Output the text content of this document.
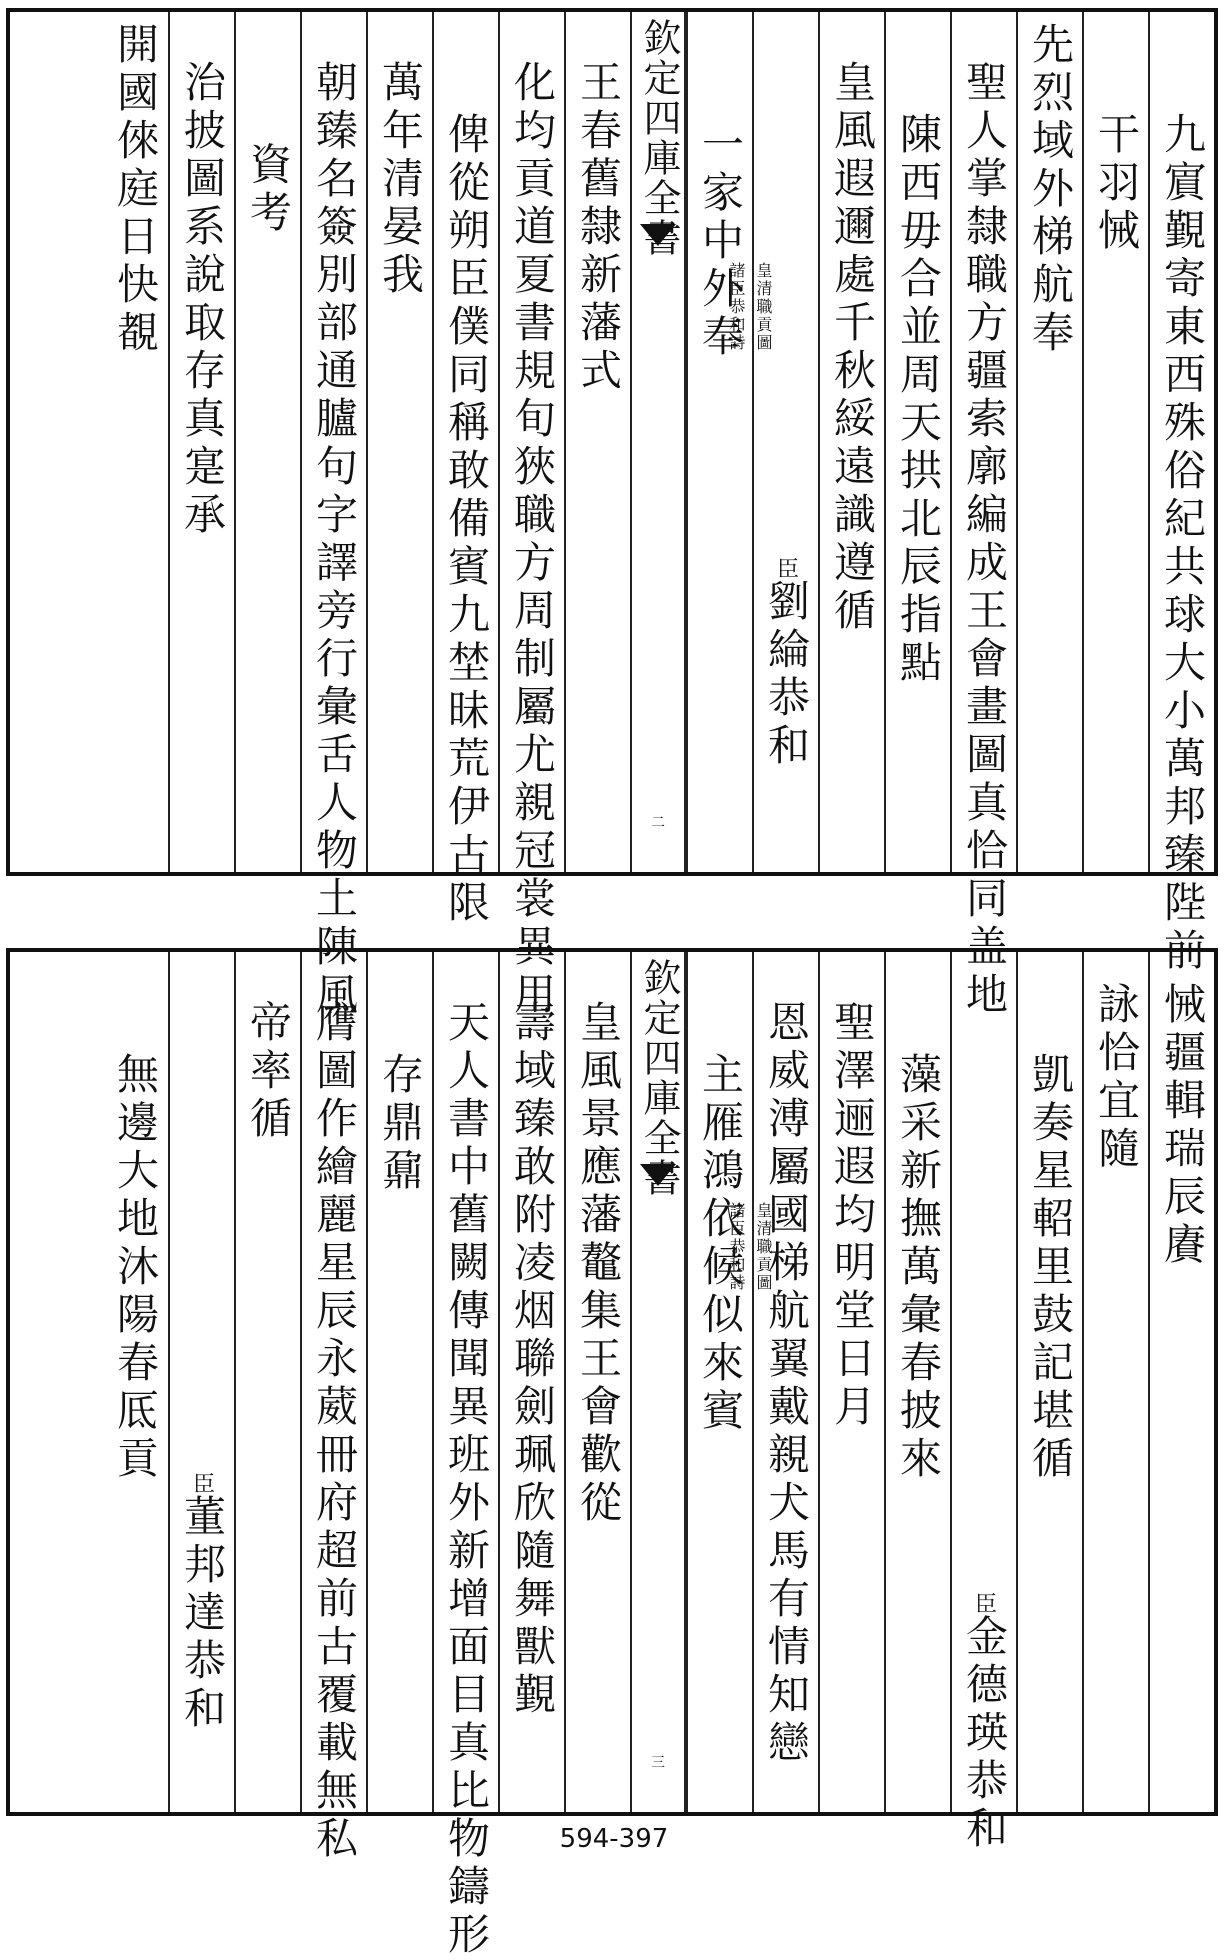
九賔覲寄東西殊俗紀共球大小萬邦臻陛前
干羽悈
先烈域外梯航奉
聖人掌隸職方疆索廓編成王會畫圖真恰同盖地
陳西毋合並周天拱北辰指點
皇風遐邇處千秋綏遠識遵循
臣
劉綸恭和
一家中外奉
欽定四庫全書
皇清職貢圖
諸臣恭和詩
二
王春舊隸新藩式
化均貢道夏書規旬狹職方周制屬尤親冠裳異用
俾從朔臣僕同稱敢備賓九埜昧荒伊古限
萬年清晏我
朝臻名簽別部通臚句字譯旁行彙舌人物土陳風
資考
治披圖系說取存真寔承
開國倈庭日快覩
悈疆輯瑞辰賡
詠恰宜隨
凱奏星軺里鼓記堪循
臣
金德瑛恭和
藻采新撫萬彙春披來
聖澤逦遐均明堂日月
恩威溥屬國梯航翼戴親犬馬有情知戀
主雁鴻依候似來賓
欽定四庫全書
皇清職貢圖
諸臣恭和詩
三
皇風景應藩鼇集王會歡從
壽域臻敢附凌烟聯劍珮欣隨舞獸覲
天人書中舊闕傳聞異班外新增面目真比物鑄形
存鼎鼐
膺圖作繪麗星辰永葳冊府超前古覆載無私
帝率循
臣
董邦達恭和
無邊大地沐陽春厎貢
594-397
